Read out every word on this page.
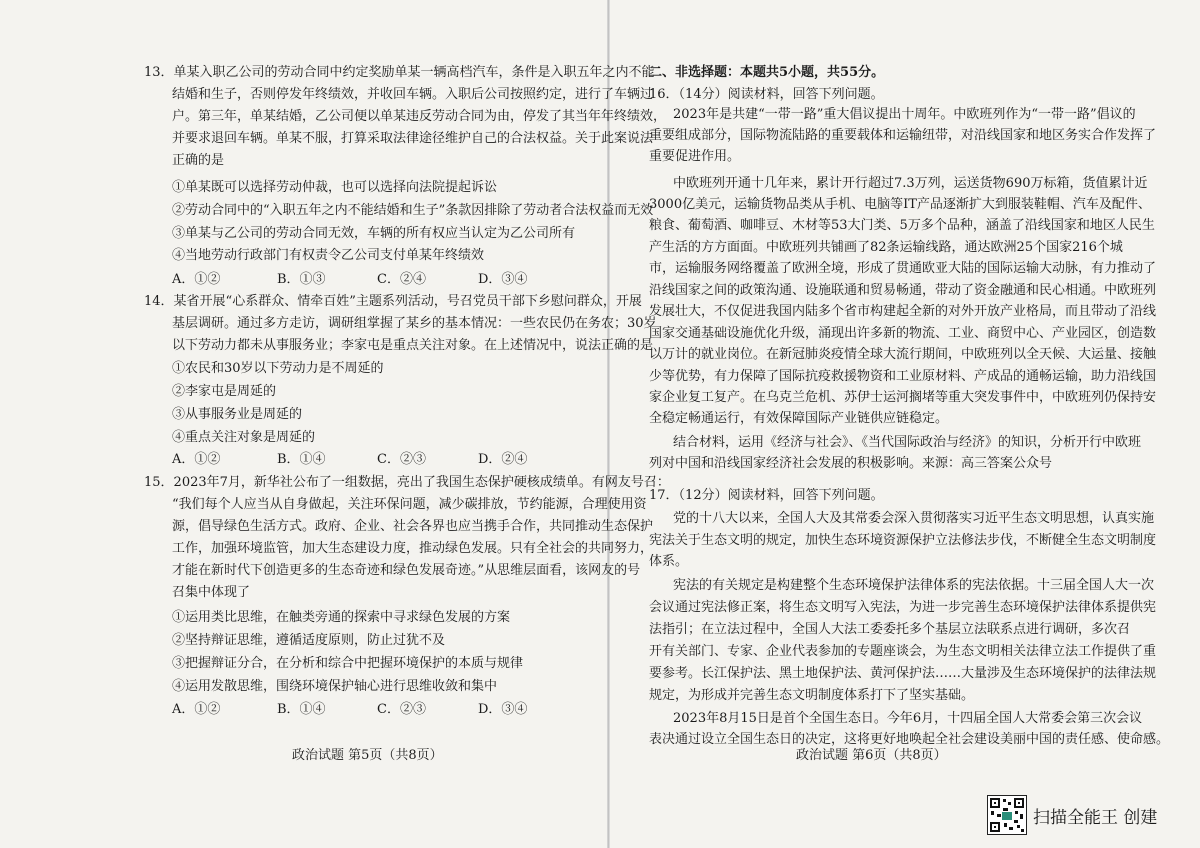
13．单某入职乙公司的劳动合同中约定奖励单某一辆高档汽车，条件是入职五年之内不能
结婚和生子，否则停发年终绩效，并收回车辆。入职后公司按照约定，进行了车辆过
户。第三年，单某结婚，乙公司便以单某违反劳动合同为由，停发了其当年年终绩效，
并要求退回车辆。单某不服，打算采取法律途径维护自己的合法权益。关于此案说法
正确的是
①单某既可以选择劳动仲裁，也可以选择向法院提起诉讼
②劳动合同中的“入职五年之内不能结婚和生子”条款因排除了劳动者合法权益而无效
③单某与乙公司的劳动合同无效，车辆的所有权应当认定为乙公司所有
④当地劳动行政部门有权责令乙公司支付单某年终绩效
A．①②	B．①③	C．②④	D．③④
14．某省开展“心系群众、情牵百姓”主题系列活动，号召党员干部下乡慰问群众，开展
基层调研。通过多方走访，调研组掌握了某乡的基本情况：一些农民仍在务农；30岁
以下劳动力都未从事服务业；李家屯是重点关注对象。在上述情况中，说法正确的是
①农民和30岁以下劳动力是不周延的
②李家屯是周延的
③从事服务业是周延的
④重点关注对象是周延的
A．①②	B．①④	C．②③	D．②④
15．2023年7月，新华社公布了一组数据，亮出了我国生态保护硬核成绩单。有网友号召：
“我们每个人应当从自身做起，关注环保问题，减少碳排放，节约能源，合理使用资
源，倡导绿色生活方式。政府、企业、社会各界也应当携手合作，共同推动生态保护
工作，加强环境监管，加大生态建设力度，推动绿色发展。只有全社会的共同努力，
才能在新时代下创造更多的生态奇迹和绿色发展奇迹。”从思维层面看，该网友的号
召集中体现了
①运用类比思维，在触类旁通的探索中寻求绿色发展的方案
②坚持辩证思维，遵循适度原则，防止过犹不及
③把握辩证分合，在分析和综合中把握环境保护的本质与规律
④运用发散思维，围绕环境保护轴心进行思维收敛和集中
A．①②	B．①④	C．②③	D．③④
政治试题 第5页（共8页）
二、非选择题：本题共5小题，共55分。
16．（14分）阅读材料，回答下列问题。
2023年是共建“一带一路”重大倡议提出十周年。中欧班列作为“一带一路”倡议的
重要组成部分，国际物流陆路的重要载体和运输纽带，对沿线国家和地区务实合作发挥了
重要促进作用。
中欧班列开通十几年来，累计开行超过7.3万列，运送货物690万标箱，货值累计近
3000亿美元，运输货物品类从手机、电脑等IT产品逐渐扩大到服装鞋帽、汽车及配件、
粮食、葡萄酒、咖啡豆、木材等53大门类、5万多个品种，涵盖了沿线国家和地区人民生
产生活的方方面面。中欧班列共铺画了82条运输线路，通达欧洲25个国家216个城
市，运输服务网络覆盖了欧洲全境，形成了贯通欧亚大陆的国际运输大动脉，有力推动了
沿线国家之间的政策沟通、设施联通和贸易畅通，带动了资金融通和民心相通。中欧班列
发展壮大，不仅促进我国内陆多个省市构建起全新的对外开放产业格局，而且带动了沿线
国家交通基础设施优化升级，涌现出许多新的物流、工业、商贸中心、产业园区，创造数
以万计的就业岗位。在新冠肺炎疫情全球大流行期间，中欧班列以全天候、大运量、接触
少等优势，有力保障了国际抗疫救援物资和工业原材料、产成品的通畅运输，助力沿线国
家企业复工复产。在乌克兰危机、苏伊士运河搁堵等重大突发事件中，中欧班列仍保持安
全稳定畅通运行，有效保障国际产业链供应链稳定。
结合材料，运用《经济与社会》、《当代国际政治与经济》的知识，分析开行中欧班
列对中国和沿线国家经济社会发展的积极影响。来源：高三答案公众号
17．（12分）阅读材料，回答下列问题。
党的十八大以来，全国人大及其常委会深入贯彻落实习近平生态文明思想，认真实施
宪法关于生态文明的规定，加快生态环境资源保护立法修法步伐，不断健全生态文明制度
体系。
宪法的有关规定是构建整个生态环境保护法律体系的宪法依据。十三届全国人大一次
会议通过宪法修正案，将生态文明写入宪法，为进一步完善生态环境保护法律体系提供宪
法指引；在立法过程中，全国人大法工委委托多个基层立法联系点进行调研，多次召
开有关部门、专家、企业代表参加的专题座谈会，为生态文明相关法律立法工作提供了重
要参考。长江保护法、黑土地保护法、黄河保护法……大量涉及生态环境保护的法律法规
规定，为形成并完善生态文明制度体系打下了坚实基础。
2023年8月15日是首个全国生态日。今年6月，十四届全国人大常委会第三次会议
表决通过设立全国生态日的决定，这将更好地唤起全社会建设美丽中国的责任感、使命感。
政治试题 第6页（共8页）
扫描全能王 创建
